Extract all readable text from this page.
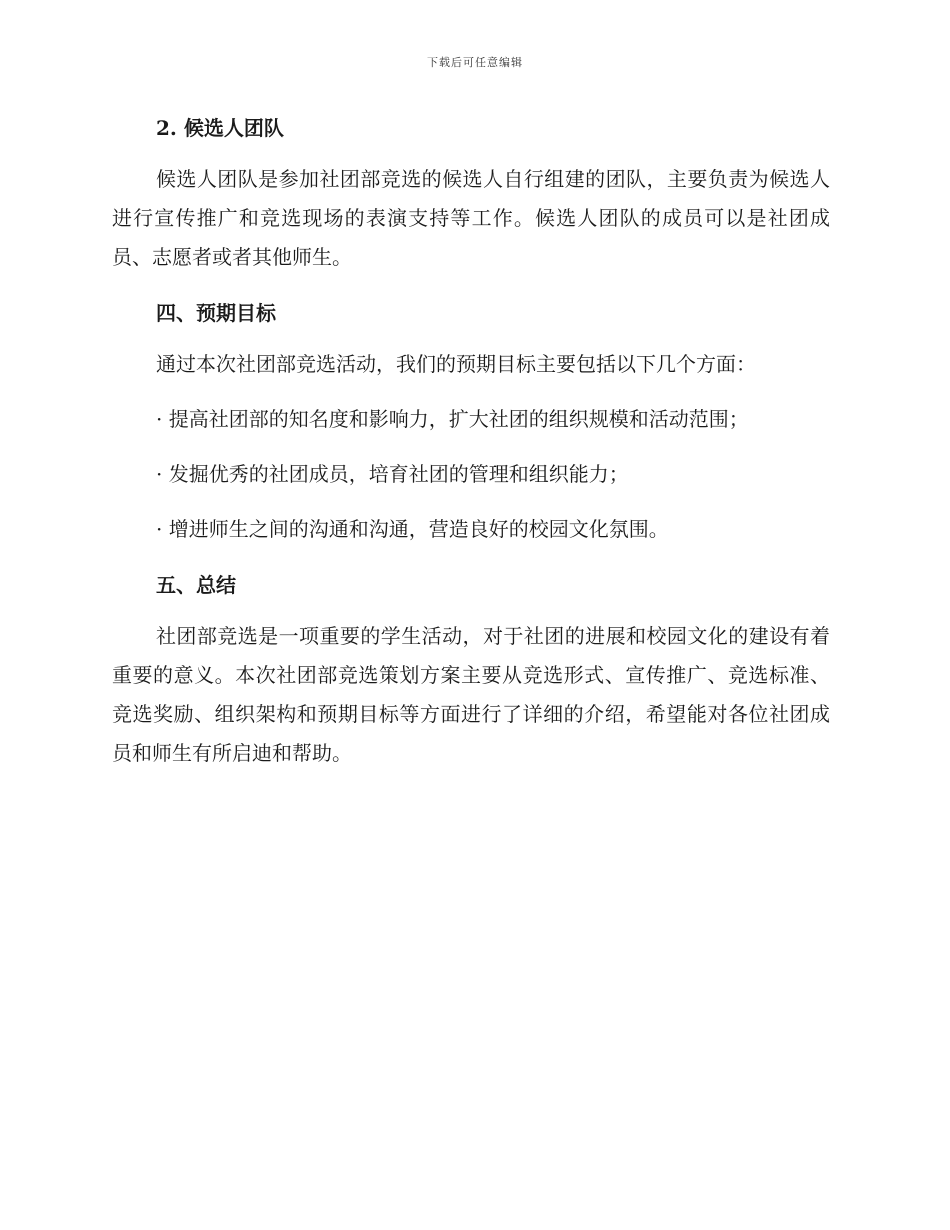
下载后可任意编辑
2. 候选人团队

候选人团队是参加社团部竞选的候选人自行组建的团队，主要负责为候选人进行宣传推广和竞选现场的表演支持等工作。候选人团队的成员可以是社团成员、志愿者或者其他师生。

四、预期目标

通过本次社团部竞选活动，我们的预期目标主要包括以下几个方面：

· 提高社团部的知名度和影响力，扩大社团的组织规模和活动范围；
· 发掘优秀的社团成员，培育社团的管理和组织能力；
· 增进师生之间的沟通和沟通，营造良好的校园文化氛围。
五、总结

社团部竞选是一项重要的学生活动，对于社团的进展和校园文化的建设有着重要的意义。本次社团部竞选策划方案主要从竞选形式、宣传推广、竞选标准、竞选奖励、组织架构和预期目标等方面进行了详细的介绍，希望能对各位社团成员和师生有所启迪和帮助。
